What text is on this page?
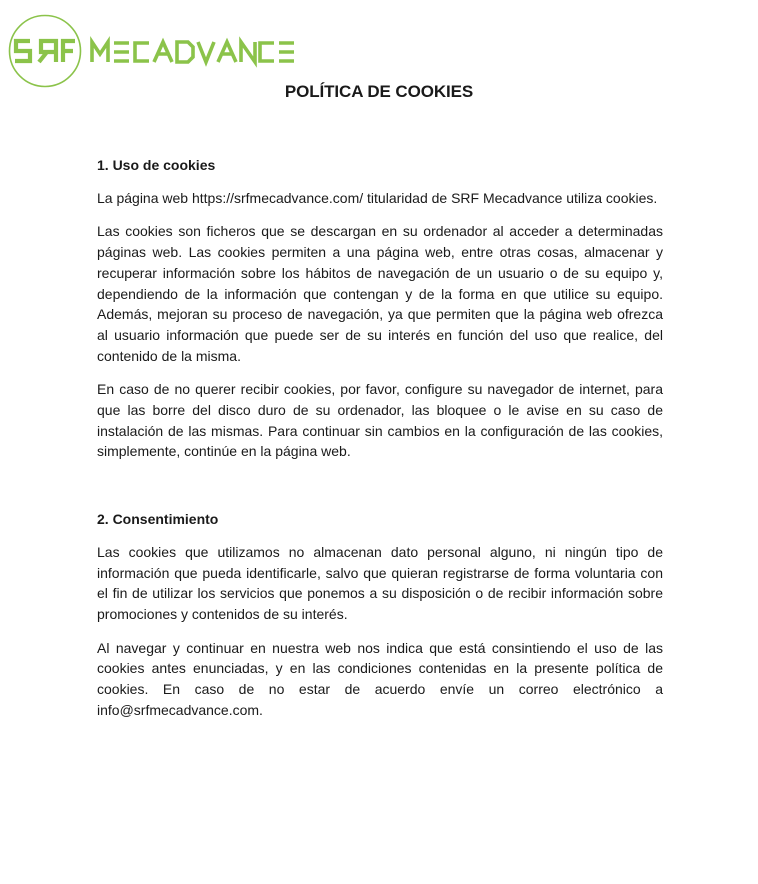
POLÍTICA DE COOKIES
1. Uso de cookies

La página web https://srfmecadvance.com/ titularidad de SRF Mecadvance utiliza cookies.

Las cookies son ficheros que se descargan en su ordenador al acceder a determinadas páginas web. Las cookies permiten a una página web, entre otras cosas, almacenar y recuperar información sobre los hábitos de navegación de un usuario o de su equipo y, dependiendo de la información que contengan y de la forma en que utilice su equipo. Además, mejoran su proceso de navegación, ya que permiten que la página web ofrezca al usuario información que puede ser de su interés en función del uso que realice, del contenido de la misma.

En caso de no querer recibir cookies, por favor, configure su navegador de internet, para que las borre del disco duro de su ordenador, las bloquee o le avise en su caso de instalación de las mismas. Para continuar sin cambios en la configuración de las cookies, simplemente, continúe en la página web.

2. Consentimiento

Las cookies que utilizamos no almacenan dato personal alguno, ni ningún tipo de información que pueda identificarle, salvo que quieran registrarse de forma voluntaria con el fin de utilizar los servicios que ponemos a su disposición o de recibir información sobre promociones y contenidos de su interés.

Al navegar y continuar en nuestra web nos indica que está consintiendo el uso de las cookies antes enunciadas, y en las condiciones contenidas en la presente política de cookies. En caso de no estar de acuerdo envíe un correo electrónico a info@srfmecadvance.com.
